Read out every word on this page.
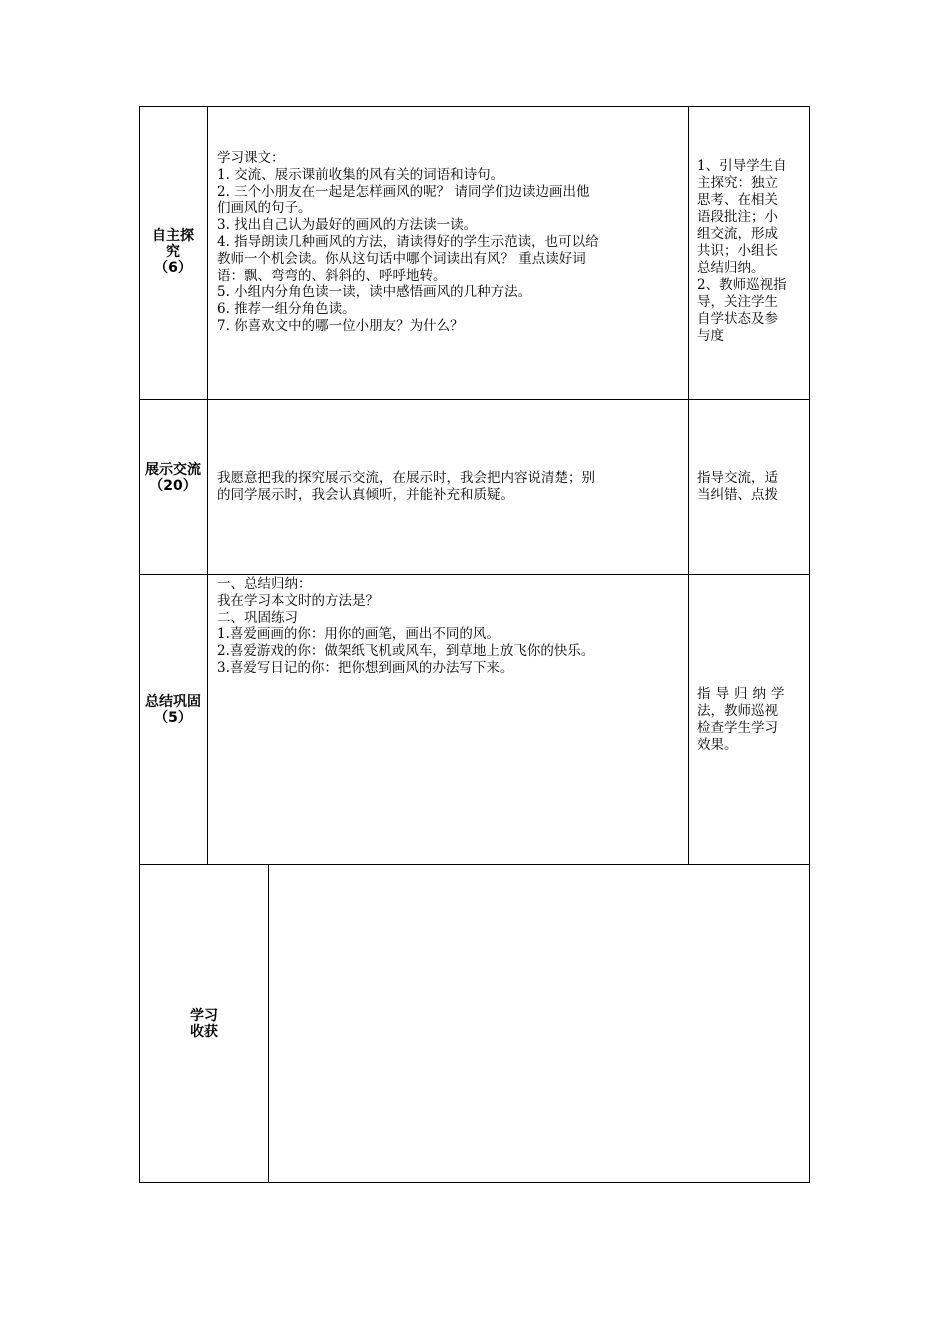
自主探究
（6）
学习课文：
1. 交流、展示课前收集的风有关的词语和诗句。
2. 三个小朋友在一起是怎样画风的呢？ 请同学们边读边画出他
们画风的句子。
3. 找出自己认为最好的画风的方法读一读。
4. 指导朗读几种画风的方法，请读得好的学生示范读，也可以给
教师一个机会读。你从这句话中哪个词读出有风？ 重点读好词
语：飘、弯弯的、斜斜的、呼呼地转。
5. 小组内分角色读一读，读中感悟画风的几种方法。
6. 推荐一组分角色读。
7. 你喜欢文中的哪一位小朋友？为什么？
1、引导学生自
主探究：独立
思考、在相关
语段批注；小
组交流，形成
共识；小组长
总结归纳。
2、教师巡视指
导，关注学生
自学状态及参
与度
展示交流
（20）	我愿意把我的探究展示交流，在展示时，我会把内容说清楚；别
的同学展示时，我会认真倾听，并能补充和质疑。
指导交流，适
当纠错、点拨
总结巩固
（5）
一、总结归纳：
我在学习本文时的方法是？
二、巩固练习
1.喜爱画画的你：用你的画笔，画出不同的风。
2.喜爱游戏的你：做架纸飞机或风车，到草地上放飞你的快乐。
3.喜爱写日记的你：把你想到画风的办法写下来。
指导归纳学
法，教师巡视
检查学生学习
效果。
学习
收获
